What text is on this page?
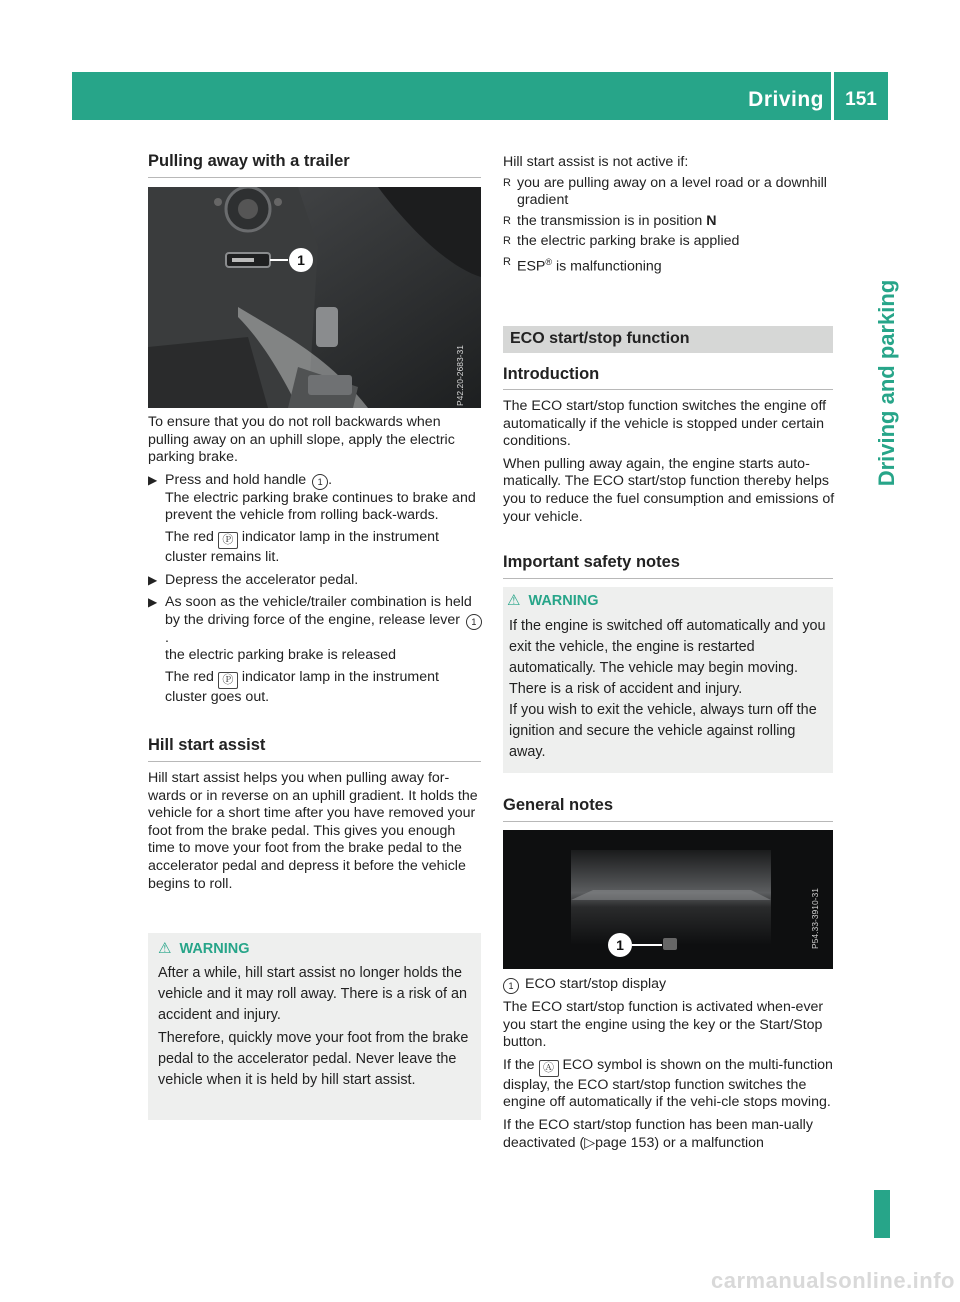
Driving 151
Driving and parking
Pulling away with a trailer
1
P42.20-2683-31

To ensure that you do not roll backwards when pulling away on an uphill slope, apply the electric parking brake.

▶ Press and hold handle 1 .

The electric parking brake continues to brake and prevent the vehicle from rolling back-wards.

The red Ⓟ indicator lamp in the instrument cluster remains lit.

▶ Depress the accelerator pedal.

▶ As soon as the vehicle/trailer combination is held by the driving force of the engine, release lever 1.

the electric parking brake is released

The red Ⓟ indicator lamp in the instrument cluster goes out.

Hill start assist

Hill start assist helps you when pulling away for-wards or in reverse on an uphill gradient. It holds the vehicle for a short time after you have removed your foot from the brake pedal. This gives you enough time to move your foot from the brake pedal to the accelerator pedal and depress it before the vehicle begins to roll.

⚠ WARNING

After a while, hill start assist no longer holds the vehicle and it may roll away. There is a risk of an accident and injury.

Therefore, quickly move your foot from the brake pedal to the accelerator pedal. Never leave the vehicle when it is held by hill start assist.

Hill start assist is not active if:

R you are pulling away on a level road or a downhill gradient

R the transmission is in position N

R the electric parking brake is applied

R ESP® is malfunctioning

ECO start/stop function
Introduction

The ECO start/stop function switches the engine off automatically if the vehicle is stopped under certain conditions.

When pulling away again, the engine starts auto-matically. The ECO start/stop function thereby helps you to reduce the fuel consumption and emissions of your vehicle.

Important safety notes
⚠ WARNING

If the engine is switched off automatically and you exit the vehicle, the engine is restarted automatically. The vehicle may begin moving. There is a risk of accident and injury.

If you wish to exit the vehicle, always turn off the ignition and secure the vehicle against rolling away.

General notes
1	P54.33-3910-31

1 ECO start/stop display

The ECO start/stop function is activated when-ever you start the engine using the key or the Start/Stop button.

If the Ⓐ ECO symbol is shown on the multi-function display, the ECO start/stop function switches the engine off automatically if the vehi-cle stops moving.

If the ECO start/stop function has been man-ually deactivated (▷page 153) or a malfunction

carmanualsonline.info
